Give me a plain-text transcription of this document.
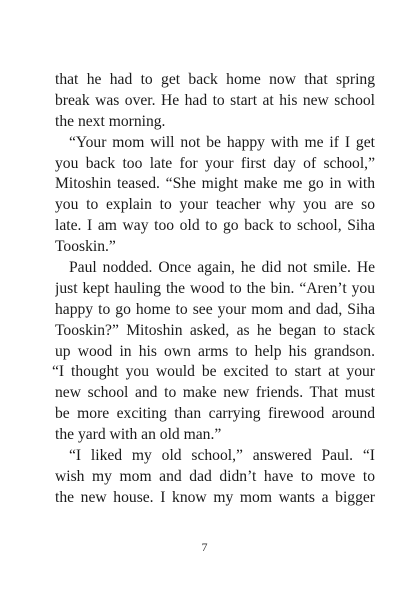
that he had to get back home now that spring
break was over. He had to start at his new school
the next morning.
“Your mom will not be happy with me if I get
you back too late for your first day of school,”
Mitoshin teased. “She might make me go in with
you to explain to your teacher why you are so
late. I am way too old to go back to school, Siha
Tooskin.”
Paul nodded. Once again, he did not smile. He
just kept hauling the wood to the bin. “Aren’t you
happy to go home to see your mom and dad, Siha
Tooskin?” Mitoshin asked, as he began to stack
up wood in his own arms to help his grandson.
“I thought you would be excited to start at your
new school and to make new friends. That must
be more exciting than carrying firewood around
the yard with an old man.”
“I liked my old school,” answered Paul. “I
wish my mom and dad didn’t have to move to
the new house. I know my mom wants a bigger
7
